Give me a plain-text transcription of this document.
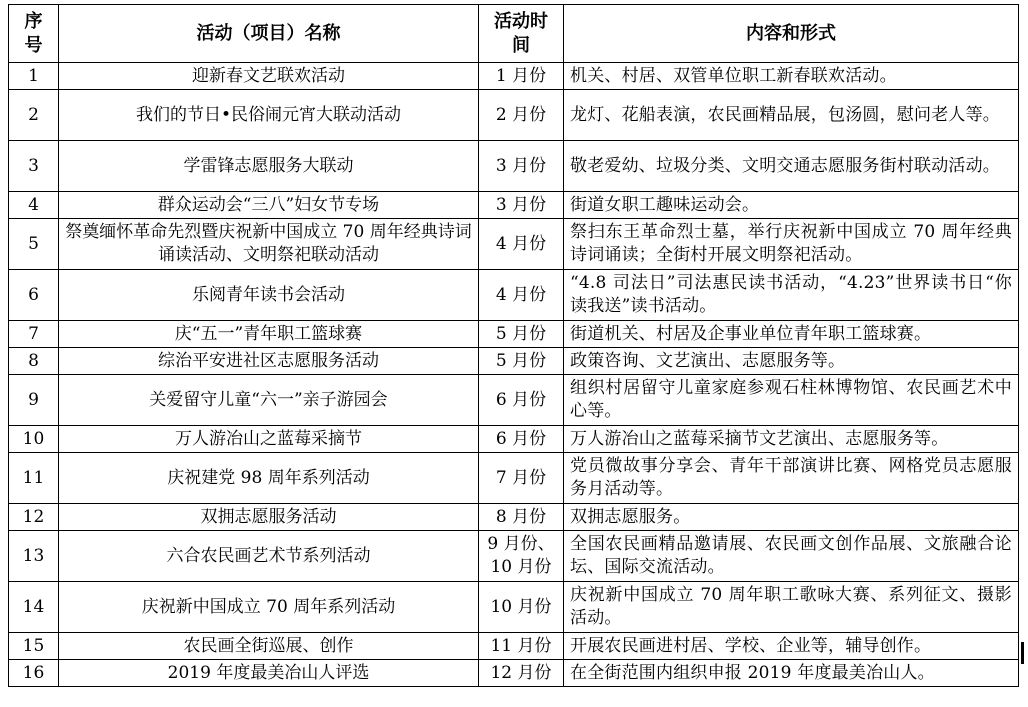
序号	活动（项目）名称	活动时间	内容和形式
1	迎新春文艺联欢活动	1 月份	机关、村居、双管单位职工新春联欢活动。
2	我们的节日•民俗闹元宵大联动活动	2 月份	龙灯、花船表演，农民画精品展，包汤圆，慰问老人等。
3	学雷锋志愿服务大联动	3 月份	敬老爱幼、垃圾分类、文明交通志愿服务街村联动活动。
4	群众运动会“三八”妇女节专场	3 月份	街道女职工趣味运动会。
5	祭奠缅怀革命先烈暨庆祝新中国成立 70 周年经典诗词诵读活动、文明祭祀联动活动	4 月份	祭扫东王革命烈士墓，举行庆祝新中国成立 70 周年经典诗词诵读；全街村开展文明祭祀活动。
6	乐阅青年读书会活动	4 月份	“4.8 司法日”司法惠民读书活动，“4.23”世界读书日“你读我送”读书活动。
7	庆“五一”青年职工篮球赛	5 月份	街道机关、村居及企事业单位青年职工篮球赛。
8	综治平安进社区志愿服务活动	5 月份	政策咨询、文艺演出、志愿服务等。
9	关爱留守儿童“六一”亲子游园会	6 月份	组织村居留守儿童家庭参观石柱林博物馆、农民画艺术中心等。
10	万人游冶山之蓝莓采摘节	6 月份	万人游冶山之蓝莓采摘节文艺演出、志愿服务等。
11	庆祝建党 98 周年系列活动	7 月份	党员微故事分享会、青年干部演讲比赛、网格党员志愿服务月活动等。
12	双拥志愿服务活动	8 月份	双拥志愿服务。
13	六合农民画艺术节系列活动	9 月份、10 月份	全国农民画精品邀请展、农民画文创作品展、文旅融合论坛、国际交流活动。
14	庆祝新中国成立 70 周年系列活动	10 月份	庆祝新中国成立 70 周年职工歌咏大赛、系列征文、摄影活动。
15	农民画全街巡展、创作	11 月份	开展农民画进村居、学校、企业等，辅导创作。
16	2019 年度最美冶山人评选	12 月份	在全街范围内组织申报 2019 年度最美冶山人。
